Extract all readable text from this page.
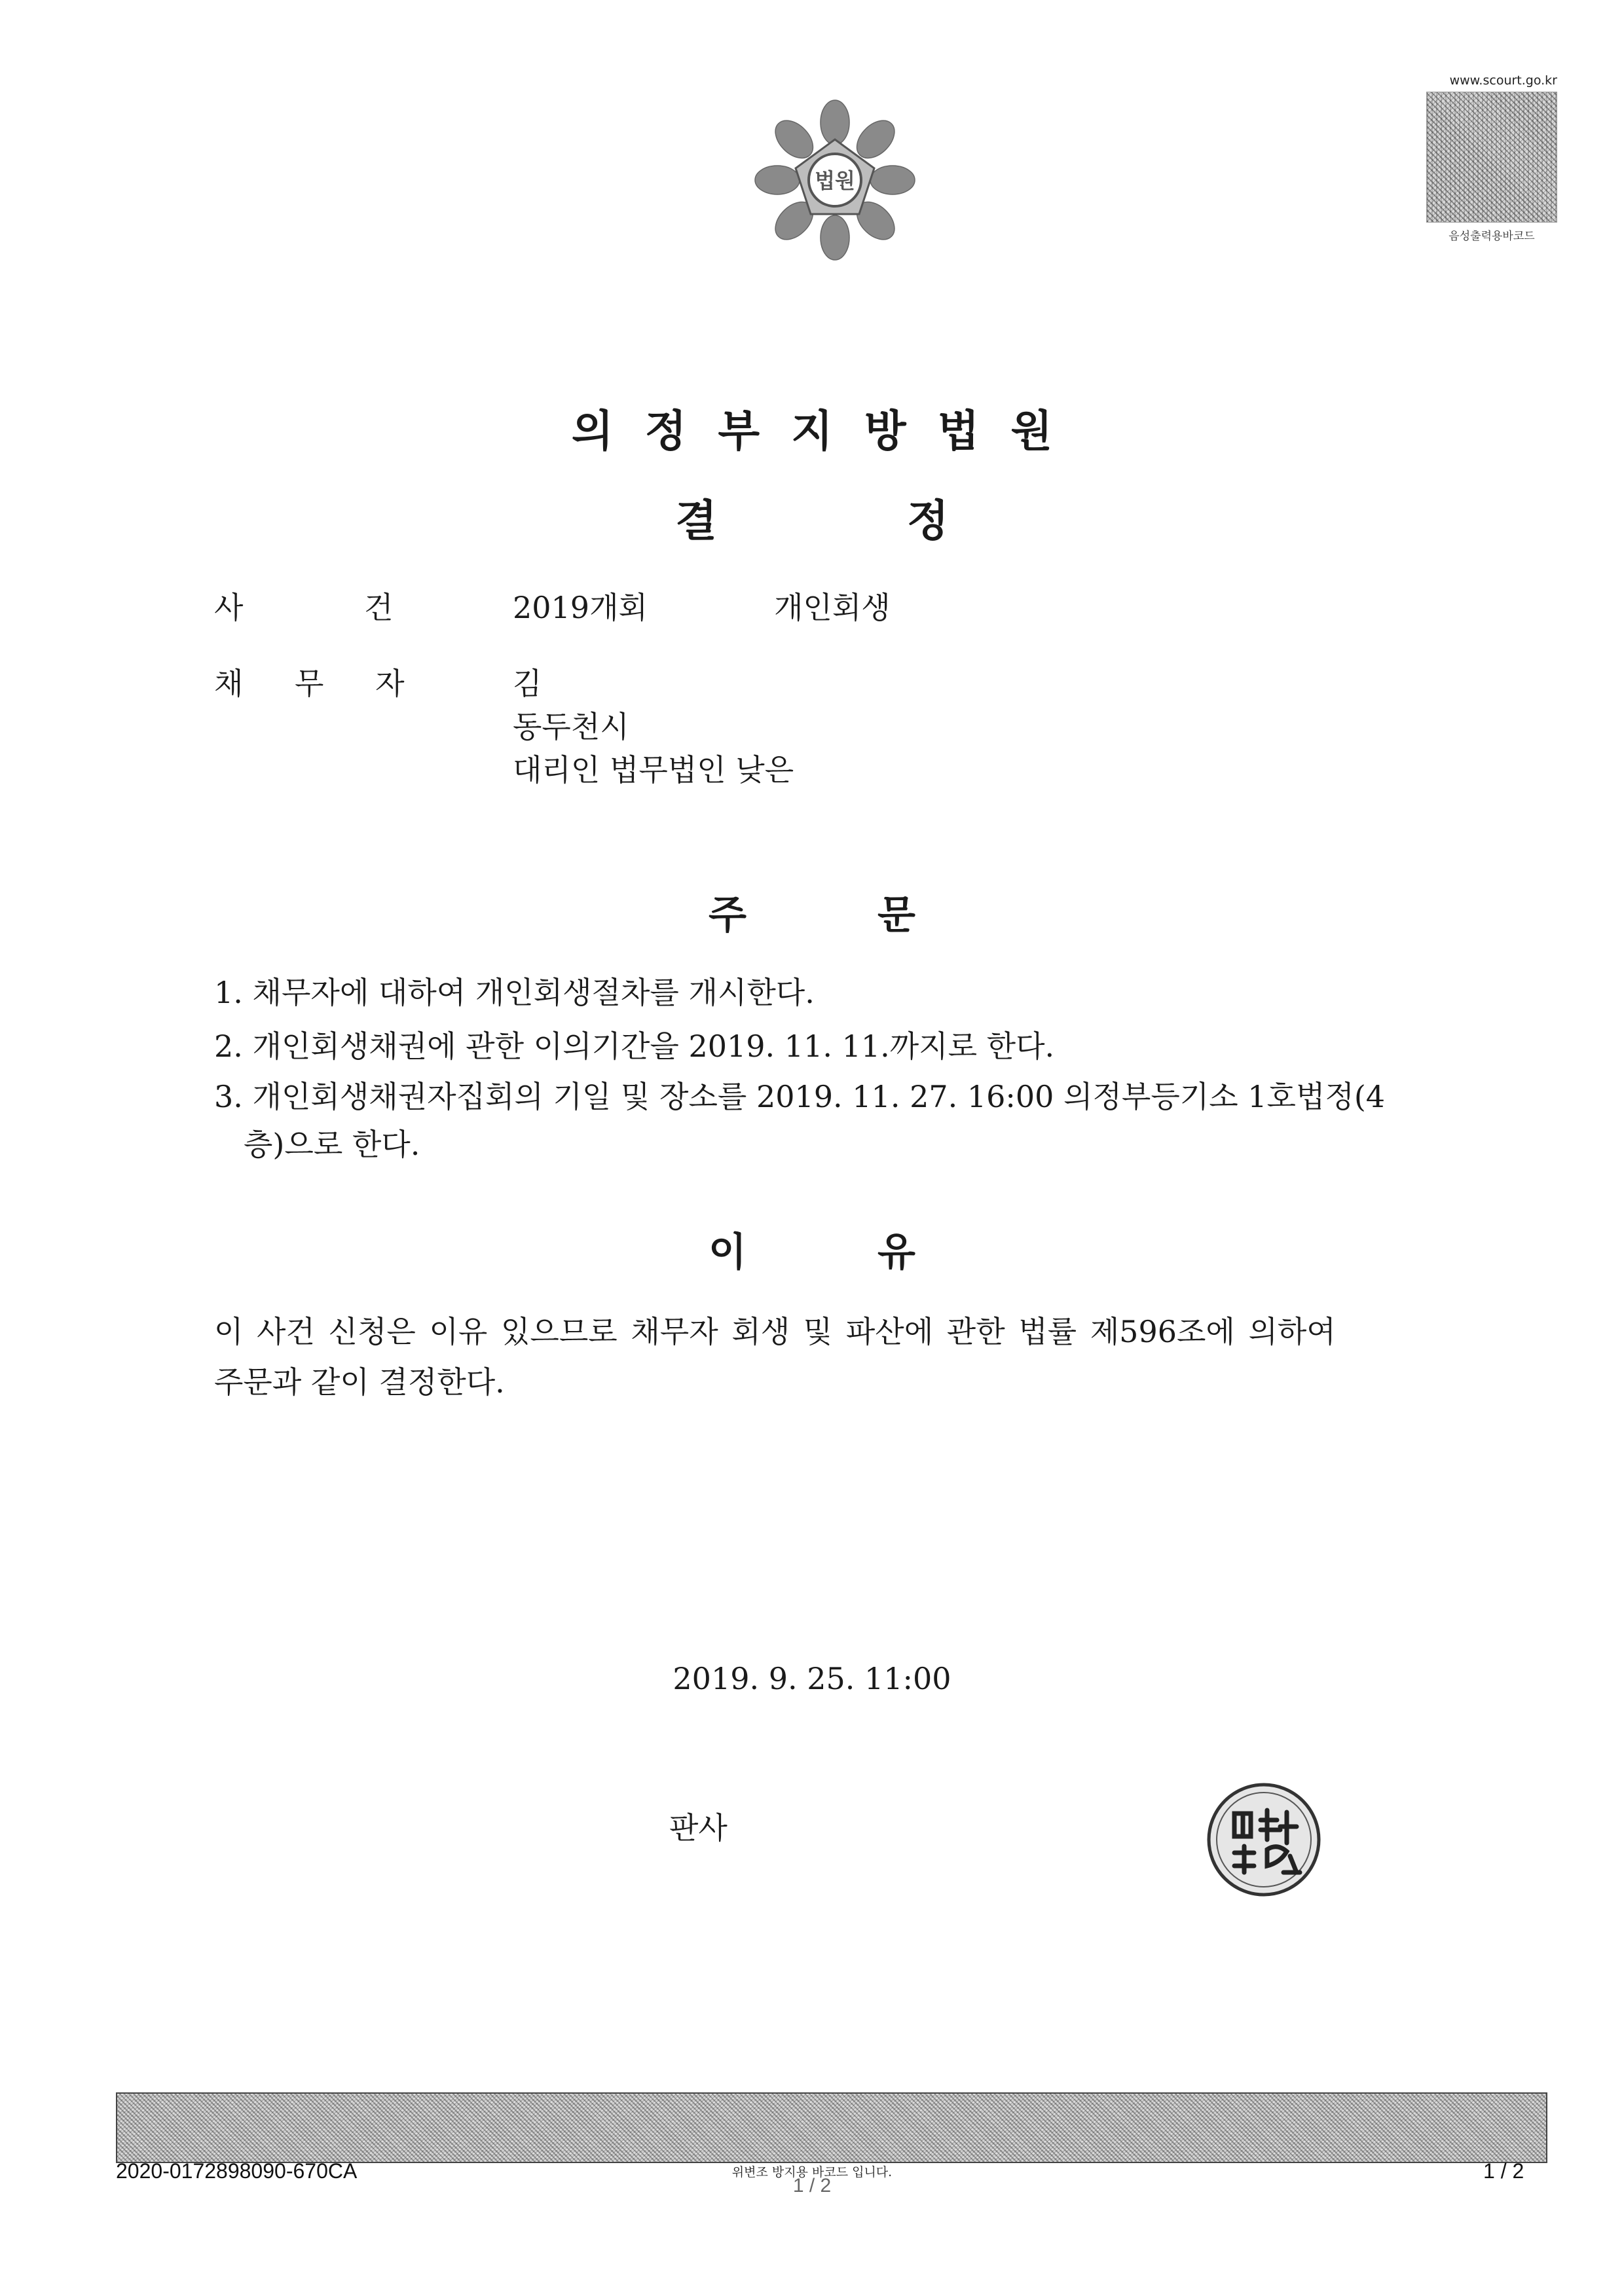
법원
www.scourt.go.kr
음성출력용바코드
의정부지방법원
결정
사 건	2019개회	개인회생
채 무 자	김
동두천시
대리인 법무법인 낮은
주문
1. 채무자에 대하여 개인회생절차를 개시한다.
2. 개인회생채권에 관한 이의기간을 2019. 11. 11.까지로 한다.
3. 개인회생채권자집회의 기일 및 장소를 2019. 11. 27. 16:00 의정부등기소 1호법정(4
층)으로 한다.
이유
이 사건 신청은 이유 있으므로 채무자 회생 및 파산에 관한 법률 제596조에 의하여
주문과 같이 결정한다.
2019. 9. 25. 11:00
판사
2020-0172898090-670CA	위변조 방지용 바코드 입니다.
1 / 2
1 / 2
